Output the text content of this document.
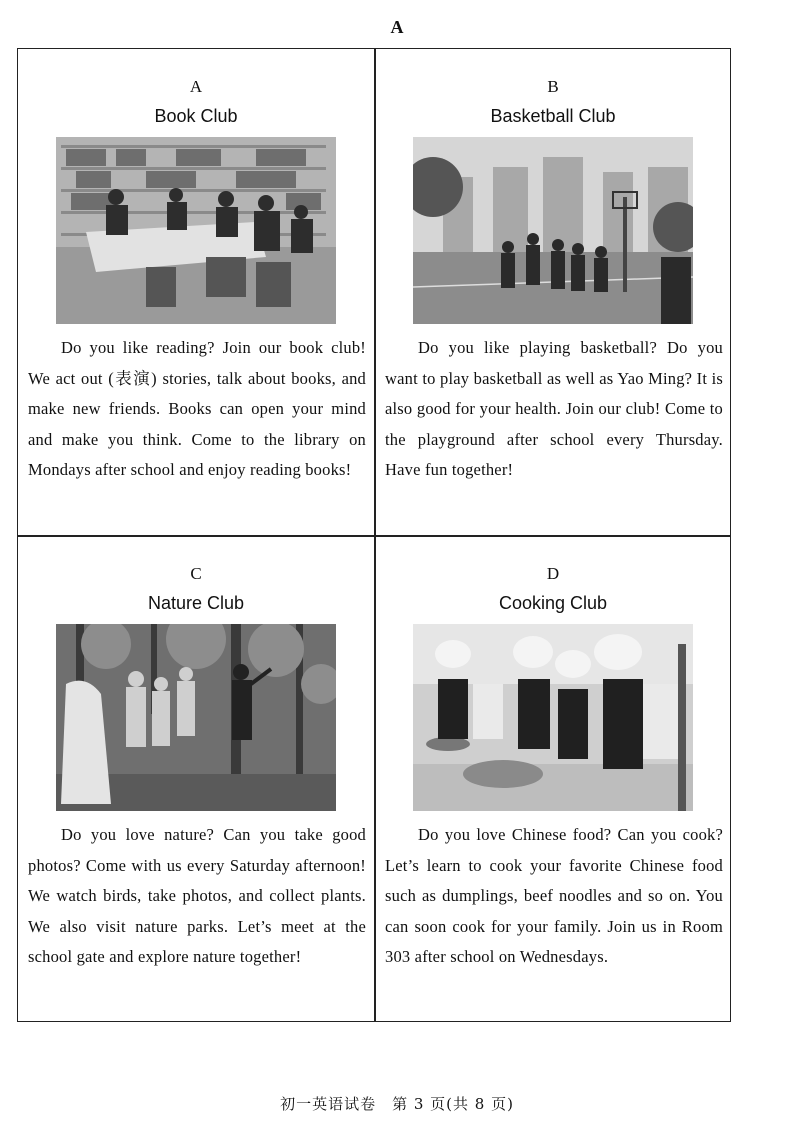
A
A
Book Club
Do you like reading? Join our book club! We act out (表演) stories, talk about books, and make new friends. Books can open your mind and make you think. Come to the library on Mondays after school and enjoy reading books!
B
Basketball Club
Do you like playing basketball? Do you want to play basketball as well as Yao Ming? It is also good for your health. Join our club! Come to the playground after school every Thursday. Have fun together!
C
Nature Club
Do you love nature? Can you take good photos? Come with us every Saturday afternoon! We watch birds, take photos, and collect plants. We also visit nature parks. Let’s meet at the school gate and explore nature together!
D
Cooking Club
Do you love Chinese food? Can you cook? Let’s learn to cook your favorite Chinese food such as dumplings, beef noodles and so on. You can soon cook for your family. Join us in Room 303 after school on Wednesdays.
初一英语试卷　第 3 页(共 8 页)
